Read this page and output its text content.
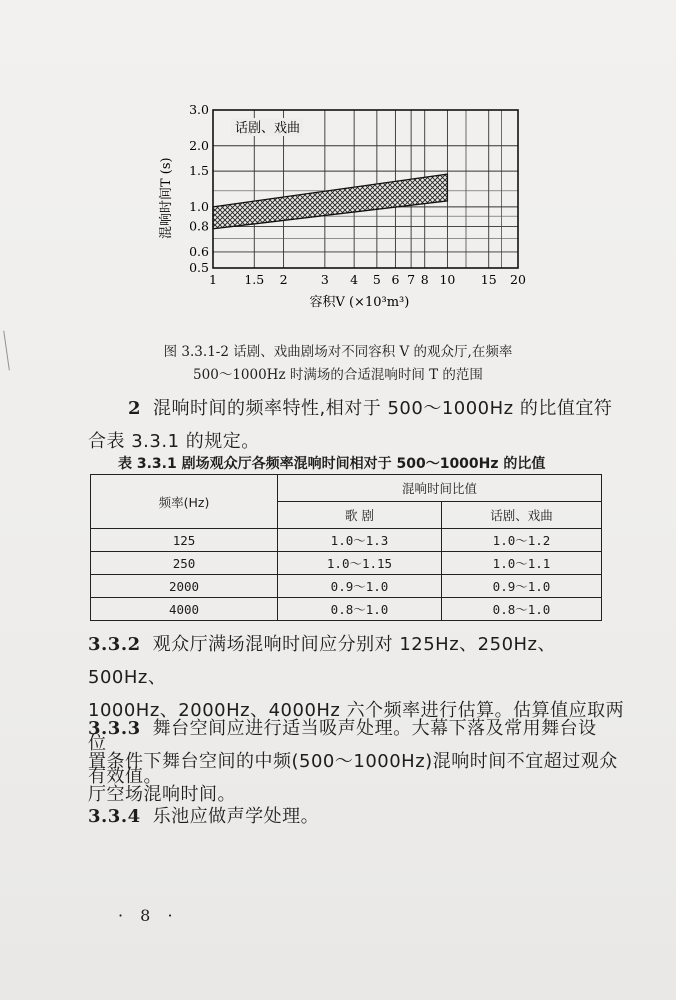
1 1.5 2	3 4 5 6 7 8 10 15 20
0.5
0.6
0.8
1.0
1.5
2.0
3.0
话剧、戏曲
混响时间T (s)
容积V (×10³m³)
图 3.3.1-2 话剧、戏曲剧场对不同容积 V 的观众厅,在频率
500～1000Hz 时满场的合适混响时间 T 的范围
2 混响时间的频率特性,相对于 500～1000Hz 的比值宜符
合表 3.3.1 的规定。
表 3.3.1 剧场观众厅各频率混响时间相对于 500～1000Hz 的比值
频率(Hz)	混响时间比值	
	歌 剧	话剧、戏曲
125	1.0～1.3	1.0～1.2
250	1.0～1.15	1.0～1.1
2000	0.9～1.0	0.9～1.0
4000	0.8～1.0	0.8～1.0
3.3.2 观众厅满场混响时间应分别对 125Hz、250Hz、500Hz、
1000Hz、2000Hz、4000Hz 六个频率进行估算。估算值应取两位
有效值。
3.3.3 舞台空间应进行适当吸声处理。大幕下落及常用舞台设
置条件下舞台空间的中频(500～1000Hz)混响时间不宜超过观众
厅空场混响时间。
3.3.4 乐池应做声学处理。
· 8 ·
